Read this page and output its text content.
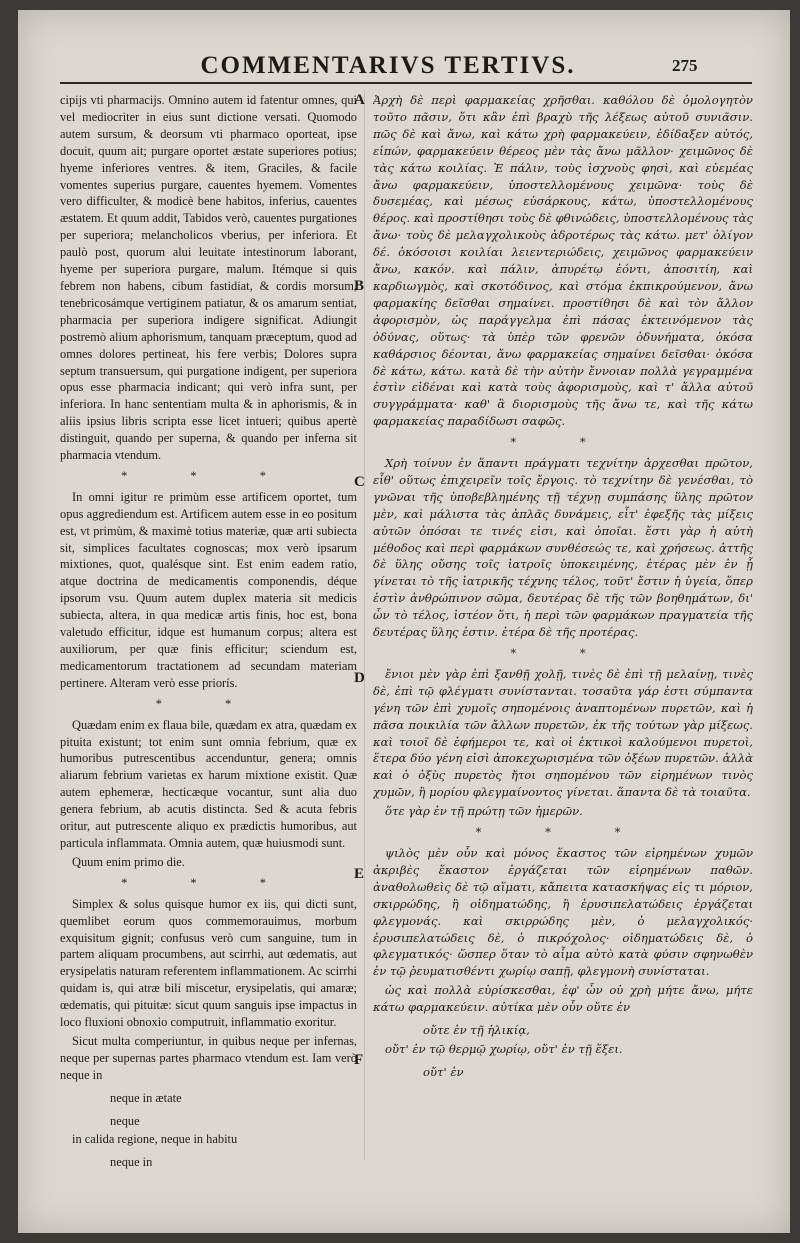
COMMENTARIVS TERTIVS.	275

cipijs vti pharmacijs. Omnino autem id fatentur omnes, qui vel mediocriter in eius sunt dictione versati. Quomodo autem sursum, & deorsum vti pharmaco oporteat, ipse docuit, quum ait; purgare oportet æstate superiores potius; hyeme inferiores ventres. & item, Graciles, & facile vomentes superius purgare, cauentes hyemem. Vomentes vero difficulter, & modicè bene habitos, inferius, cauentes æstatem. Et quum addit, Tabidos verò, cauentes purgationes per superiora; melancholicos vberius, per inferiora. Et paulò post, quorum alui leuitate intestinorum laborant, hyeme per superiora purgare, malum. Itémque si quis febrem non habens, cibum fastidiat, & cordis morsum, tenebricosámque vertiginem patiatur, & os amarum sentiat, pharmacia per superiora indigere significat. Adiungit postremò alium aphorismum, tanquam præceptum, quod ad omnes dolores pertineat, his fere verbis; Dolores supra septum transuersum, qui purgatione indigent, per superiora opus esse pharmacia indicant; qui verò infra sunt, per inferiora. In hanc sententiam multa & in aphorismis, & in aliis ipsius libris scripta esse licet intueri; quibus apertè distinguit, quando per superna, & quando per inferna sit pharmacia vtendum.

* * *

In omni igitur re primùm esse artificem oportet, tum opus aggrediendum est. Artificem autem esse in eo positum est, vt primùm, & maximè totius materiæ, quæ arti subiecta sit, simplices facultates cognoscas; mox verò ipsarum mixtiones, quot, qualésque sint. Est enim eadem ratio, atque doctrina de medicamentis componendis, déque ipsorum vsu. Quum autem duplex materia sit medicis subiecta, altera, in qua medicæ artis finis, hoc est, bona valetudo efficitur, idque est humanum corpus; altera est auxiliorum, per quæ finis efficitur; sciendum est, medicamentorum tractationem ad secundam materiam pertinere. Alteram verò esse priorís.

* *

Quædam enim ex flaua bile, quædam ex atra, quædam ex pituita existunt; tot enim sunt omnia febrium, quæ ex humoribus putrescentibus accenduntur, genera; omnis aliarum febrium varietas ex harum mixtione existit. Quæ autem ephemeræ, hecticæque vocantur, sunt alia duo genera febrium, ab acutis distincta. Sed & acuta febris oritur, aut putrescente aliquo ex prædictis humoribus, aut particula inflammata. Omnia autem, quæ huiusmodi sunt.

Quum enim primo die.

* * *

Simplex & solus quisque humor ex iis, qui dicti sunt, quemlibet eorum quos commemorauimus, morbum exquisitum gignit; confusus verò cum sanguine, tum in partem aliquam procumbens, aut scirrhi, aut œdematis, aut erysipelatis naturam referentem inflammationem. Ac scirrhi quidam is, qui atræ bili miscetur, erysipelatis, qui amaræ; œdematis, qui pituitæ: sicut quum sanguis ipse impactus in loco fluxioni obnoxio computruit, inflammatio exoritur.

Sicut multa comperiuntur, in quibus neque per infernas, neque per supernas partes pharmaco vtendum est. Iam verò neque in

neque in ætate

neque

in calida regione, neque in habitu

neque in

A
B
C
D
E
F

Ἀρχὴ δὲ περὶ φαρμακείας χρῆσθαι. καθόλου δὲ ὁμολογητὸν τοῦτο πᾶσιν, ὅτι κἂν ἐπὶ βραχὺ τῆς λέξεως αὐτοῦ συνιᾶσιν. πῶς δὲ καὶ ἄνω, καὶ κάτω χρὴ φαρμακεύειν, ἐδίδαξεν αὐτός, εἰπών, φαρμακεύειν θέρεος μὲν τὰς ἄνω μᾶλλον· χειμῶνος δὲ τὰς κάτω κοιλίας. Ἐ πάλιν, τοὺς ἰσχνοὺς φησὶ, καὶ εὐεμέας ἄνω φαρμακεύειν, ὑποστελλομένους χειμῶνα· τοὺς δὲ δυσεμέας, καὶ μέσως εὐσάρκους, κάτω, ὑποστελλομένους θέρος. καὶ προστίθησι τοὺς δὲ φθινώδεις, ὑποστελλομένους τὰς ἄνω· τοὺς δὲ μελαγχολικοὺς ἁδροτέρως τὰς κάτω. μετ' ὀλίγον δέ. ὁκόσοισι κοιλίαι λειεντεριώδεις, χειμῶνος φαρμακεύειν ἄνω, κακόν. καὶ πάλιν, ἀπυρέτῳ ἐόντι, ἀποσιτίη, καὶ καρδιωγμὸς, καὶ σκοτόδινος, καὶ στόμα ἐκπικρούμενον, ἄνω φαρμακίης δεῖσθαι σημαίνει. προστίθησι δὲ καὶ τὸν ἄλλον ἀφορισμὸν, ὡς παράγγελμα ἐπὶ πάσας ἐκτεινόμενον τὰς ὀδύνας, οὕτως· τὰ ὑπὲρ τῶν φρενῶν ὀδυνήματα, ὁκόσα καθάρσιος δέονται, ἄνω φαρμακείας σημαίνει δεῖσθαι· ὁκόσα δὲ κάτω, κάτω. κατὰ δὲ τὴν αὐτὴν ἔννοιαν πολλὰ γεγραμμένα ἐστὶν εἰδέναι καὶ κατὰ τοὺς ἀφορισμοὺς, καὶ τ' ἄλλα αὐτοῦ συγγράμματα· καθ' ἃ διορισμοὺς τῆς ἄνω τε, καὶ τῆς κάτω φαρμακείας παραδίδωσι σαφῶς.

* *

Χρὴ τοίνυν ἐν ἅπαντι πράγματι τεχνίτην ἀρχεσθαι πρῶτον, εἶθ' οὕτως ἐπιχειρεῖν τοῖς ἔργοις. τὸ τεχνίτην δὲ γενέσθαι, τὸ γνῶναι τῆς ὑποβεβλημένης τῇ τέχνῃ συμπάσης ὕλης πρῶτον μὲν, καὶ μάλιστα τὰς ἁπλᾶς δυνάμεις, εἶτ' ἐφεξῆς τὰς μίξεις αὐτῶν ὁπόσαι τε τινές εἰσι, καὶ ὁποῖαι. ἔστι γὰρ ἡ αὐτὴ μέθοδος καὶ περὶ φαρμάκων συνθέσεώς τε, καὶ χρήσεως. ἀττῆς δὲ ὕλης οὔσης τοῖς ἰατροῖς ὑποκειμένης, ἑτέρας μὲν ἐν ᾗ γίνεται τὸ τῆς ἰατρικῆς τέχνης τέλος, τοῦτ' ἔστιν ἡ ὑγεία, ὅπερ ἐστὶν ἀνθρώπινον σῶμα, δευτέρας δὲ τῆς τῶν βοηθημάτων, δι' ὧν τὸ τέλος, ἰστέον ὅτι, ἡ περὶ τῶν φαρμάκων πραγματεία τῆς δευτέρας ὕλης ἐστιν. ἑτέρα δὲ τῆς προτέρας.

* *

ἔνιοι μὲν γὰρ ἐπὶ ξανθῇ χολῇ, τινὲς δὲ ἐπὶ τῇ μελαίνῃ, τινὲς δὲ, ἐπὶ τῷ φλέγματι συνίστανται. τοσαῦτα γάρ ἐστι σύμπαντα γένη τῶν ἐπὶ χυμοῖς σηπομένοις ἀναπτομένων πυρετῶν, καὶ ἡ πᾶσα ποικιλία τῶν ἄλλων πυρετῶν, ἐκ τῆς τούτων γὰρ μίξεως. καὶ τοιοῖ δὲ ἐφήμεροι τε, καὶ οἱ ἑκτικοὶ καλούμενοι πυρετοὶ, ἕτερα δύο γένη εἰσὶ ἀποκεχωρισμένα τῶν ὀξέων πυρετῶν. ἀλλὰ καὶ ὁ ὀξὺς πυρετὸς ἤτοι σηπομένου τῶν εἰρημένων τινὸς χυμῶν, ἢ μορίου φλεγμαίνοντος γίνεται. ἅπαντα δὲ τὰ τοιαῦτα.

ὅτε γὰρ ἐν τῇ πρώτῃ τῶν ἡμερῶν.

* * *

ψιλὸς μὲν οὖν καὶ μόνος ἕκαστος τῶν εἰρημένων χυμῶν ἀκριβὲς ἕκαστον ἐργάζεται τῶν εἰρημένων παθῶν. ἀναθολωθεὶς δὲ τῷ αἵματι, κἄπειτα κατασκήψας εἰς τι μόριον, σκιρρώδης, ἢ οἰδηματώδης, ἢ ἐρυσιπελατώδεις ἐργάζεται φλεγμονάς. καὶ σκιρρώδης μὲν, ὁ μελαγχολικός· ἐρυσιπελατώδεις δὲ, ὁ πικρόχολος· οἰδηματώδεις δὲ, ὁ φλεγματικός· ὥσπερ ὅταν τὸ αἷμα αὐτὸ κατὰ φύσιν σφηνωθὲν ἐν τῷ ῥευματισθέντι χωρίῳ σαπῇ, φλεγμονὴ συνίσταται.

ὡς καὶ πολλὰ εὑρίσκεσθαι, ἐφ' ὧν οὐ χρὴ μήτε ἄνω, μήτε κάτω φαρμακεύειν. αὐτίκα μὲν οὖν οὔτε ἐν

οὔτε ἐν τῇ ἡλικίᾳ,

οὔτ' ἐν τῷ θερμῷ χωρίῳ, οὔτ' ἐν τῇ ἕξει.

οὔτ' ἐν
